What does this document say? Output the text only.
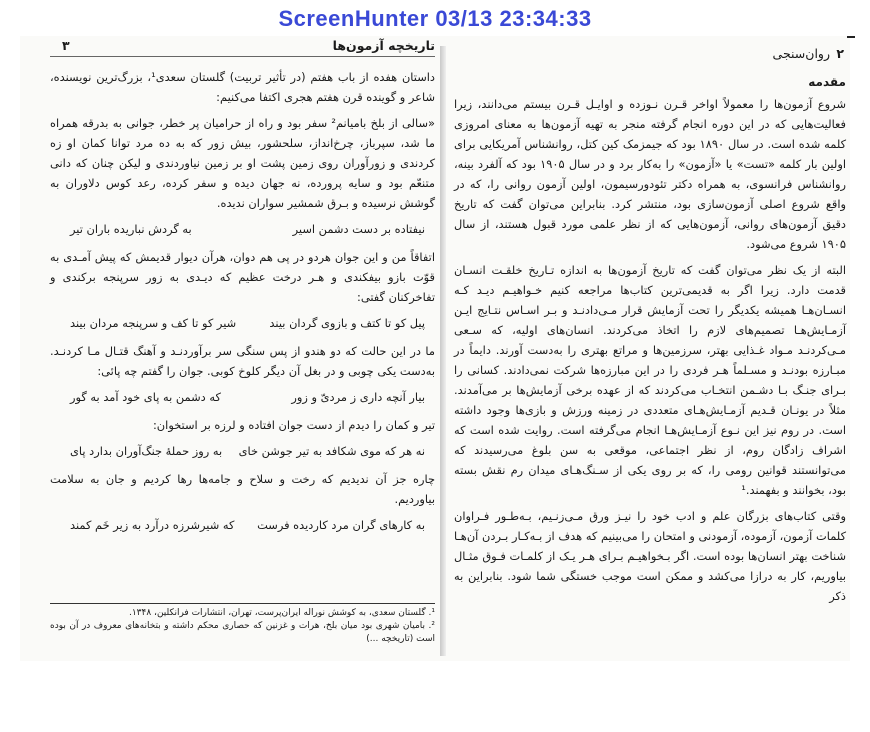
ScreenHunter 03/13 23:34:33
تاریخچه آزمون‌ها
۳

داستان هفده از باب هفتم (در تأثیر تربیت) گلستان سعدی¹، بزرگ‌ترین نویسنده، شاعر و گوینده قرن هفتم هجری اکتفا می‌کنیم:

«سالی از بلخ بامیانم² سفر بود و راه از حرامیان پر خطر، جوانی به بدرقه همراه ما شد، سپرباز، چرخ‌انداز، سلحشور، بیش زور که به ده مرد توانا کمان او زه کردندی و زورآوران روی زمین پشت او بر زمین نیاوردندی و لیکن چنان که دانی متنعّم بود و سایه پرورده، نه جهان دیده و سفر کرده، رعد کوس دلاوران به گوشش نرسیده و بـرق شمشیر سواران ندیده.

نیفتاده بر دست دشمن اسیر
به گردش نباریده باران تیر

اتفاقاً من و این جوان هردو در پی هم دوان، هرآن دیوار قدیمش که پیش آمـدی به قوّت بازو بیفکندی و هـر درخت عظیم که دیـدی به زور سرپنجه برکندی و تفاخرکنان گفتی:

پیل کو تا کتف و بازوی گردان بیند
شیر کو تا کف و سرپنجه مردان بیند

ما در این حالت که دو هندو از پس سنگی سر برآوردنـد و آهنگ قتـال مـا کردنـد. به‌دست یکی چوبی و در بغل آن دیگر کلوخ کوبی. جوان را گفتم چه پائی:

بیار آنچه داری ز مردیّ و زور
که دشمن به پای خود آمد به گور

تیر و کمان را دیدم از دست جوان افتاده و لرزه بر استخوان:

نه هر که موی شکافد به تیر جوشن خای
به روز حملهٔ جنگ‌آوران بدارد پای

چاره جز آن ندیدیم که رخت و سلاح و جامه‌ها رها کردیم و جان به سلامت بیاوردیم.

به کارهای گران مرد کاردیده فرست
که شیرشرزه درآرد به زیر خَم کمند

¹. گلستان سعدی، به کوشش نوراله ایران‌پرست، تهران، انتشارات فرانکلین، ۱۳۴۸.

². بامیان شهری بود میان بلخ، هرات و غزنین که حصاری محکم داشته و بتخانه‌های معروف در آن بوده است (تاریخچه ...)

۲
روان‌سنجی

مقدمه

شروع آزمون‌ها را معمولاً اواخر قـرن نـوزده و اوایـل قـرن بیستم می‌دانند، زیرا فعالیت‌هایی که در این دوره انجام گرفته منجر به تهیه آزمون‌ها به معنای امروزی کلمه شده است. در سال ۱۸۹۰ بود که جیمزمک کین کتل، روانشناس آمریکایی برای اولین بار کلمه «تست» یا «آزمون» را به‌کار برد و در سال ۱۹۰۵ بود که آلفرد بینه، روانشناس فرانسوی، به همراه دکتر تئودورسیمون، اولین آزمون روانی را، که در واقع شروع اصلی آزمون‌سازی بود، منتشر کرد. بنابراین می‌توان گفت که تاریخ دقیق آزمون‌های روانی، آزمون‌هایی که از نظر علمی مورد قبول هستند، از سال ۱۹۰۵ شروع می‌شود.

البته از یک نظر می‌توان گفت که تاریخ آزمون‌ها به اندازه تـاریخ خلقـت انسـان قدمت دارد. زیرا اگر به قدیمی‌ترین کتاب‌ها مراجعه کنیم خـواهیـم دیـد کـه انسـان‌هـا همیشه یکدیگر را تحت آزمایش قرار مـی‌دادنـد و بـر اسـاس نتـایج ایـن آزمـایش‌هـا تصمیم‌های لازم را اتخاذ می‌کردند. انسان‌های اولیه، که سـعی مـی‌کردنـد مـواد غـذایی بهتر، سرزمین‌ها و مراتع بهتری را به‌دست آورند. دایماً در مبـارزه بودنـد و مسـلماً هـر فردی را در این مبارزه‌ها شرکت نمی‌دادند. کسانی را بـرای جنـگ بـا دشـمن انتخـاب می‌کردند که از عهده برخی آزمایش‌ها بر می‌آمدند. مثلاً در یونـان قـدیم آزمـایش‌هـای متعددی در زمینه ورزش و بازی‌ها وجود داشته است. در روم نیز این نـوع آزمـایش‌هـا انجام می‌گرفته است. روایت شده است که اشراف زادگان روم، از نظر اجتماعی، موقعی به سن بلوغ می‌رسیدند که می‌توانستند قوانین رومی را، که بر روی یکی از سـنگ‌هـای میدان رم نقش بسته بود، بخوانند و بفهمند.¹

وقتی کتاب‌های بزرگان علم و ادب خود را نیـز ورق مـی‌زنـیم، بـه‌طـور فـراوان کلمات آزمون، آزموده، آزمودنی و امتحان را می‌بینیم که هدف از بـه‌کـار بـردن آن‌هـا شناخت بهتر انسان‌ها بوده است. اگر بـخواهیـم بـرای هـر یـک از کلمـات فـوق مثـال بیاوریم، کار به درازا می‌کشد و ممکن است موجب خستگی شما شود. بنابراین به ذکر
